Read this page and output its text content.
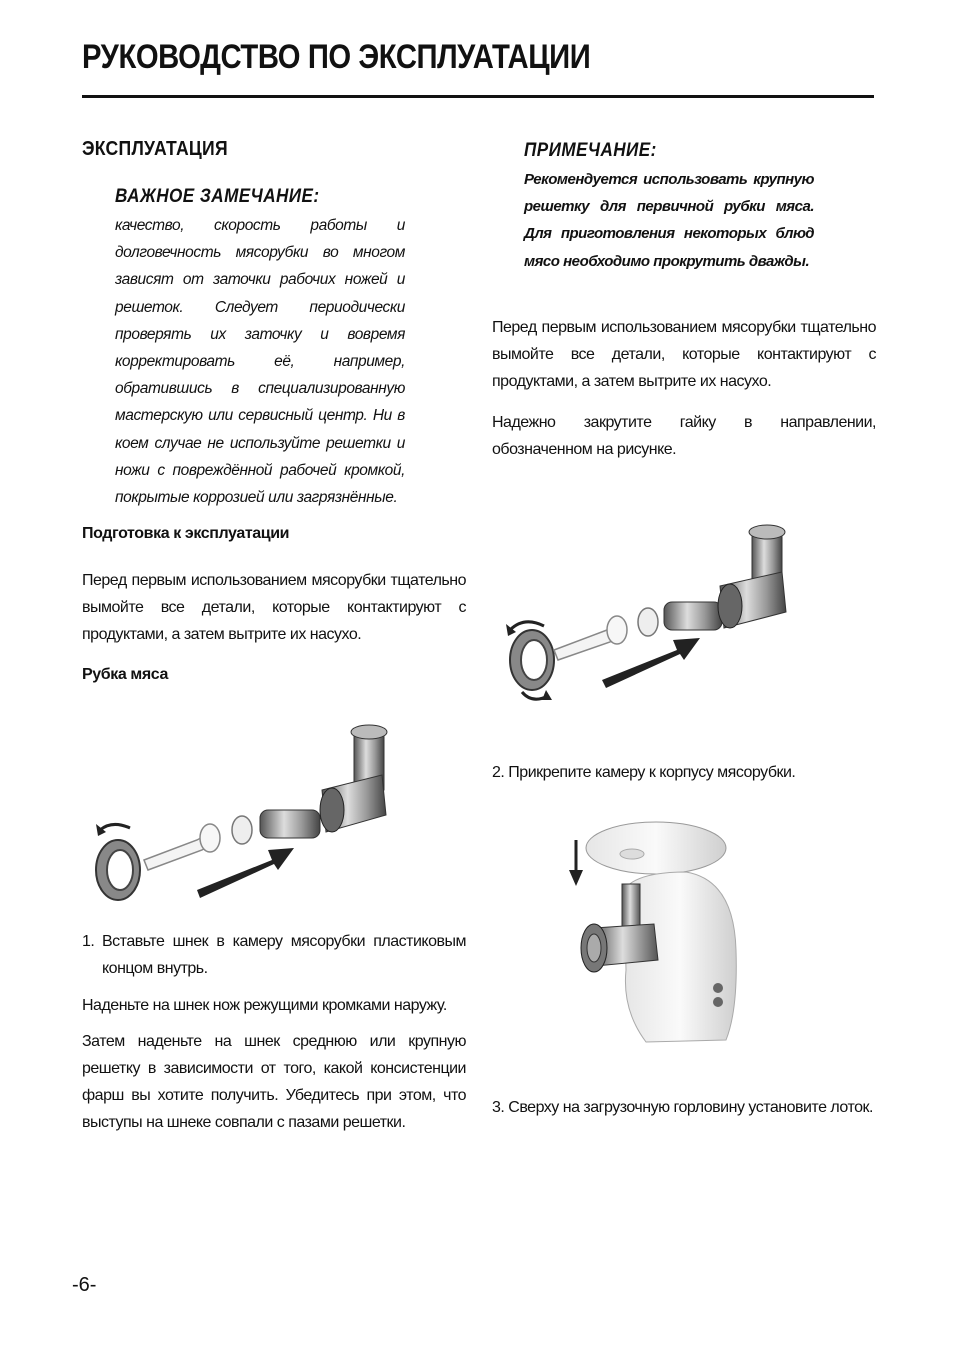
РУКОВОДСТВО ПО ЭКСПЛУАТАЦИИ
ЭКСПЛУАТАЦИЯ
ВАЖНОЕ ЗАМЕЧАНИЕ:

качество, скорость работы и долговечность мясорубки во многом зависят от заточки рабочих ножей и решеток. Следует периодически проверять их заточку и вовремя корректировать её, например, обратившись в специализированную мастерскую или сервисный центр. Ни в коем случае не используйте решетки и ножи с повреждённой рабочей кромкой, покрытые коррозией или загрязнённые.

Подготовка к эксплуатации

Перед первым использованием мясорубки тщательно вымойте все детали, которые контактируют с продуктами, а затем вытрите их насухо.

Рубка мяса
1. Вставьте шнек в камеру мясорубки пластиковым концом внутрь.

Наденьте на шнек нож режущими кромками наружу.

Затем наденьте на шнек среднюю или крупную решетку в зависимости от того, какой консистенции фарш вы хотите получить. Убедитесь при этом, что выступы на шнеке совпали с пазами решетки.

ПРИМЕЧАНИЕ:

Рекомендуется использовать крупную решетку для первичной рубки мяса. Для приготовления некоторых блюд мясо необходимо прокрутить дважды.

Перед первым использованием мясорубки тщательно вымойте все детали, которые контактируют с продуктами, а затем вытрите их насухо.

Надежно закрутите гайку в направлении, обозначенном на рисунке.

2. Прикрепите камеру к корпусу мясорубки.

3. Сверху на загрузочную горловину установите лоток.

-6-
